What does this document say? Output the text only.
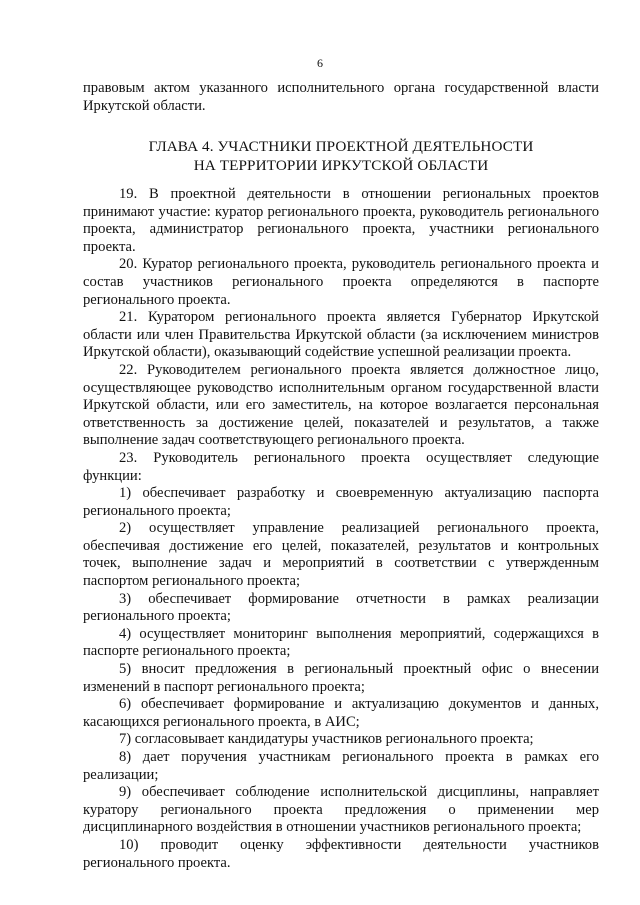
6

правовым актом указанного исполнительного органа государственной власти Иркутской области.

ГЛАВА 4. УЧАСТНИКИ ПРОЕКТНОЙ ДЕЯТЕЛЬНОСТИ
НА ТЕРРИТОРИИ ИРКУТСКОЙ ОБЛАСТИ

19. В проектной деятельности в отношении региональных проектов принимают участие: куратор регионального проекта, руководитель регионального проекта, администратор регионального проекта, участники регионального проекта.

20. Куратор регионального проекта, руководитель регионального проекта и состав участников регионального проекта определяются в паспорте регионального проекта.

21. Куратором регионального проекта является Губернатор Иркутской области или член Правительства Иркутской области (за исключением министров Иркутской области), оказывающий содействие успешной реализации проекта.

22. Руководителем регионального проекта является должностное лицо, осуществляющее руководство исполнительным органом государственной власти Иркутской области, или его заместитель, на которое возлагается персональная ответственность за достижение целей, показателей и результатов, а также выполнение задач соответствующего регионального проекта.

23. Руководитель регионального проекта осуществляет следующие функции:

1) обеспечивает разработку и своевременную актуализацию паспорта регионального проекта;

2) осуществляет управление реализацией регионального проекта, обеспечивая достижение его целей, показателей, результатов и контрольных точек, выполнение задач и мероприятий в соответствии с утвержденным паспортом регионального проекта;

3) обеспечивает формирование отчетности в рамках реализации регионального проекта;

4) осуществляет мониторинг выполнения мероприятий, содержащихся в паспорте регионального проекта;

5) вносит предложения в региональный проектный офис о внесении изменений в паспорт регионального проекта;

6) обеспечивает формирование и актуализацию документов и данных, касающихся регионального проекта, в АИС;

7) согласовывает кандидатуры участников регионального проекта;

8) дает поручения участникам регионального проекта в рамках его реализации;

9) обеспечивает соблюдение исполнительской дисциплины, направляет куратору регионального проекта предложения о применении мер дисциплинарного воздействия в отношении участников регионального проекта;

10) проводит оценку эффективности деятельности участников регионального проекта.
